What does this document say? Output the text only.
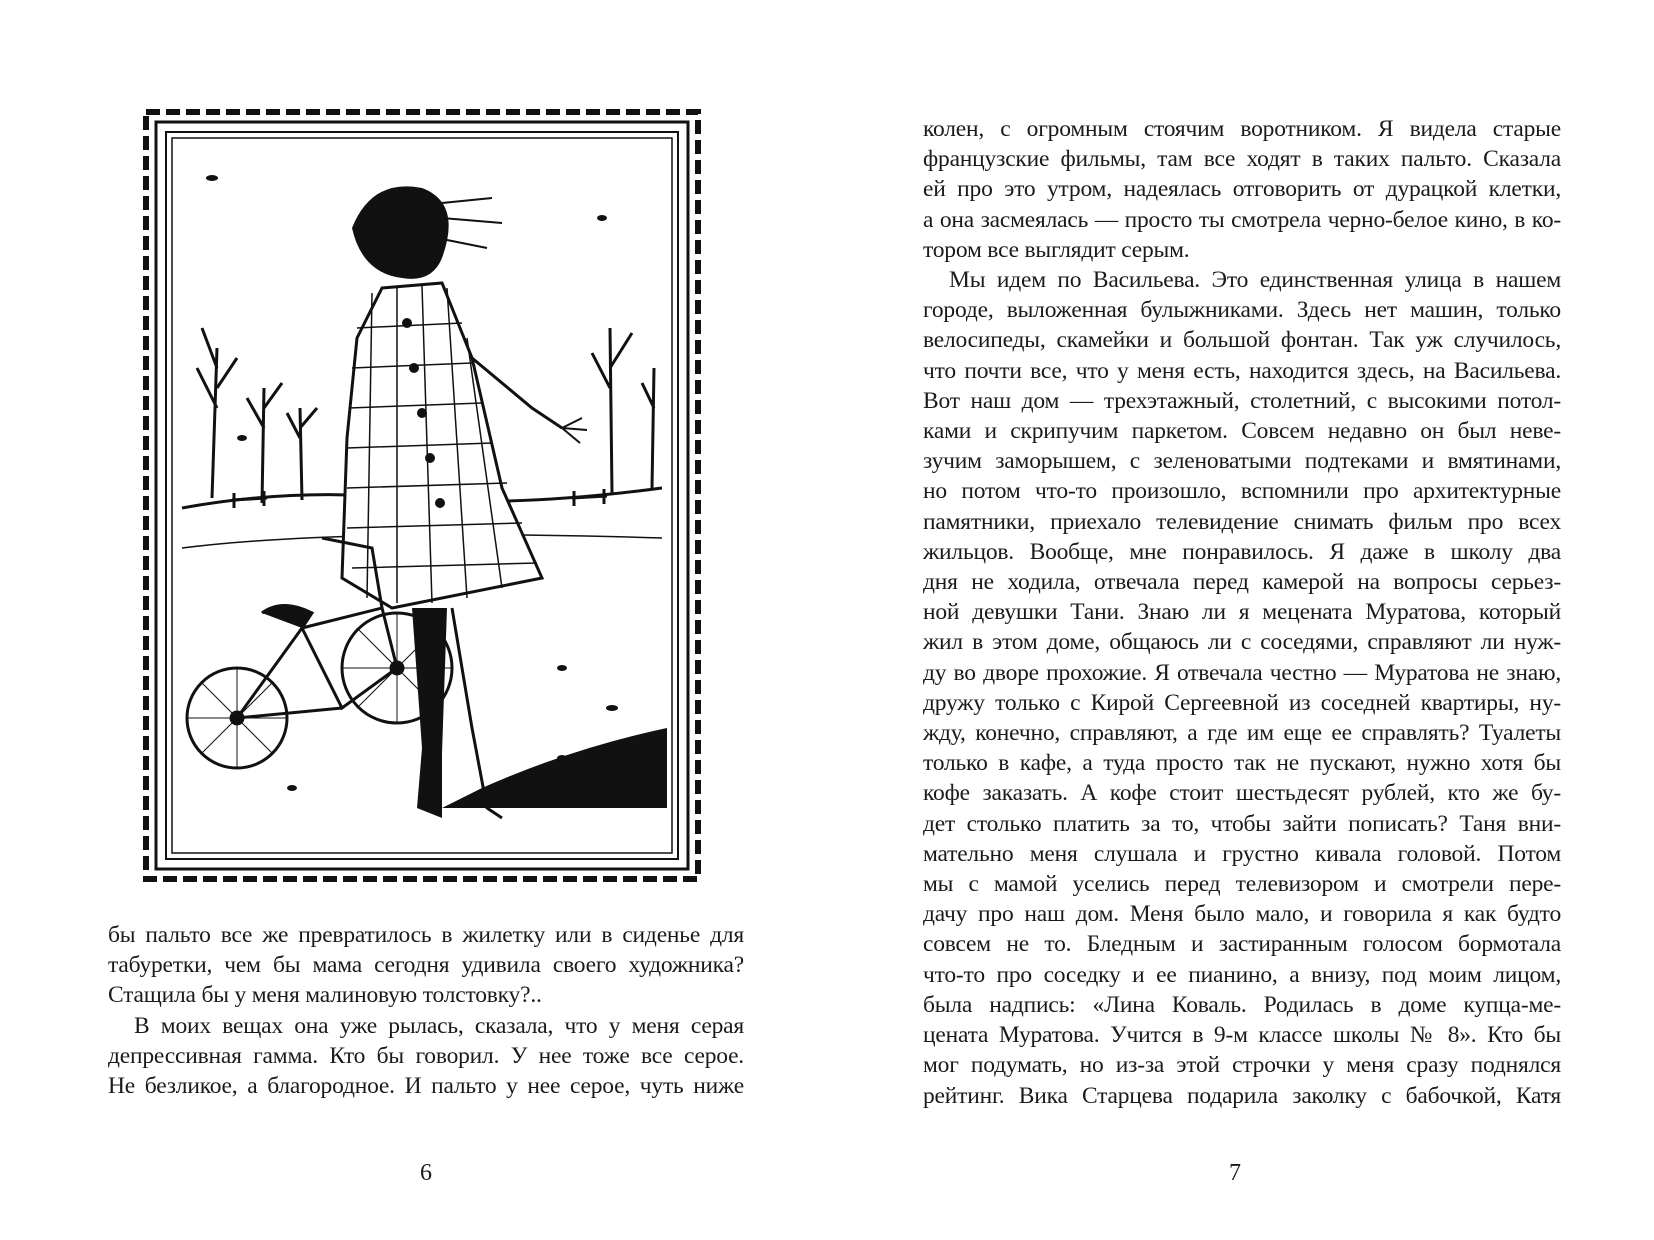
бы пальто все же превратилось в жилетку или в сиденье для
табуретки, чем бы мама сегодня удивила своего художника?

Стащила бы у меня малиновую толстовку?..

В моих вещах она уже рылась, сказала, что у меня серая
депрессивная гамма. Кто бы говорил. У нее тоже все серое.
Не безликое, а благородное. И пальто у нее серое, чуть ниже

6

колен, с огромным стоячим воротником. Я видела старые
французские фильмы, там все ходят в таких пальто. Сказала
ей про это утром, надеялась отговорить от дурацкой клетки,
а она засмеялась — просто ты смотрела черно-белое кино, в ко-

тором все выглядит серым.

Мы идем по Васильева. Это единственная улица в нашем
городе, выложенная булыжниками. Здесь нет машин, только
велосипеды, скамейки и большой фонтан. Так уж случилось,
что почти все, что у меня есть, находится здесь, на Васильева.
Вот наш дом — трехэтажный, столетний, с высокими потол-
ками и скрипучим паркетом. Совсем недавно он был неве-
зучим заморышем, с зеленоватыми подтеками и вмятинами,
но потом что-то произошло, вспомнили про архитектурные
памятники, приехало телевидение снимать фильм про всех
жильцов. Вообще, мне понравилось. Я даже в школу два
дня не ходила, отвечала перед камерой на вопросы серьез-
ной девушки Тани. Знаю ли я мецената Муратова, который
жил в этом доме, общаюсь ли с соседями, справляют ли нуж-
ду во дворе прохожие. Я отвечала честно — Муратова не знаю,
дружу только с Кирой Сергеевной из соседней квартиры, ну-
жду, конечно, справляют, а где им еще ее справлять? Туалеты
только в кафе, а туда просто так не пускают, нужно хотя бы
кофе заказать. А кофе стоит шестьдесят рублей, кто же бу-
дет столько платить за то, чтобы зайти пописать? Таня вни-
мательно меня слушала и грустно кивала головой. Потом
мы с мамой уселись перед телевизором и смотрели пере-
дачу про наш дом. Меня было мало, и говорила я как будто
совсем не то. Бледным и застиранным голосом бормотала
что-то про соседку и ее пианино, а внизу, под моим лицом,
была надпись: «Лина Коваль. Родилась в доме купца-ме-
цената Муратова. Учится в 9-м классе школы № 8». Кто бы
мог подумать, но из-за этой строчки у меня сразу поднялся
рейтинг. Вика Старцева подарила заколку с бабочкой, Катя

7
